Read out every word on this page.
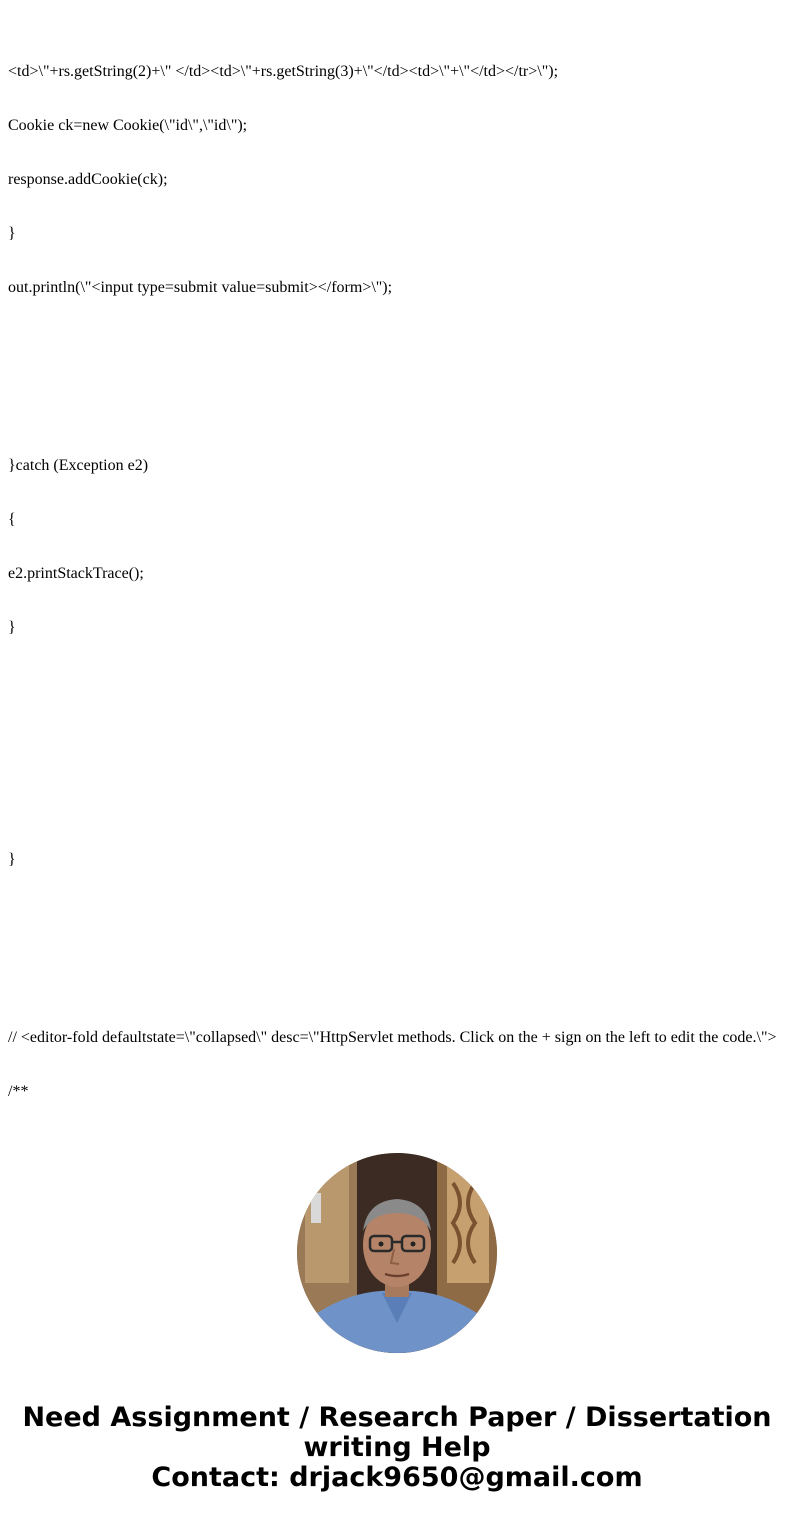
<td>\"+rs.getString(2)+\" </td><td>\"+rs.getString(3)+\"</td><td>\"+\"</td></tr>\");

Cookie ck=new Cookie(\"id\",\"id\");

response.addCookie(ck);

}

out.println(\"<input type=submit value=submit></form>\");

}catch (Exception e2)

{

e2.printStackTrace();

}

}

// <editor-fold defaultstate=\"collapsed\" desc=\"HttpServlet methods. Click on the + sign on the left to edit the code.\">

/**

Need Assignment / Research Paper / Dissertation
writing Help
Contact: drjack9650@gmail.com
